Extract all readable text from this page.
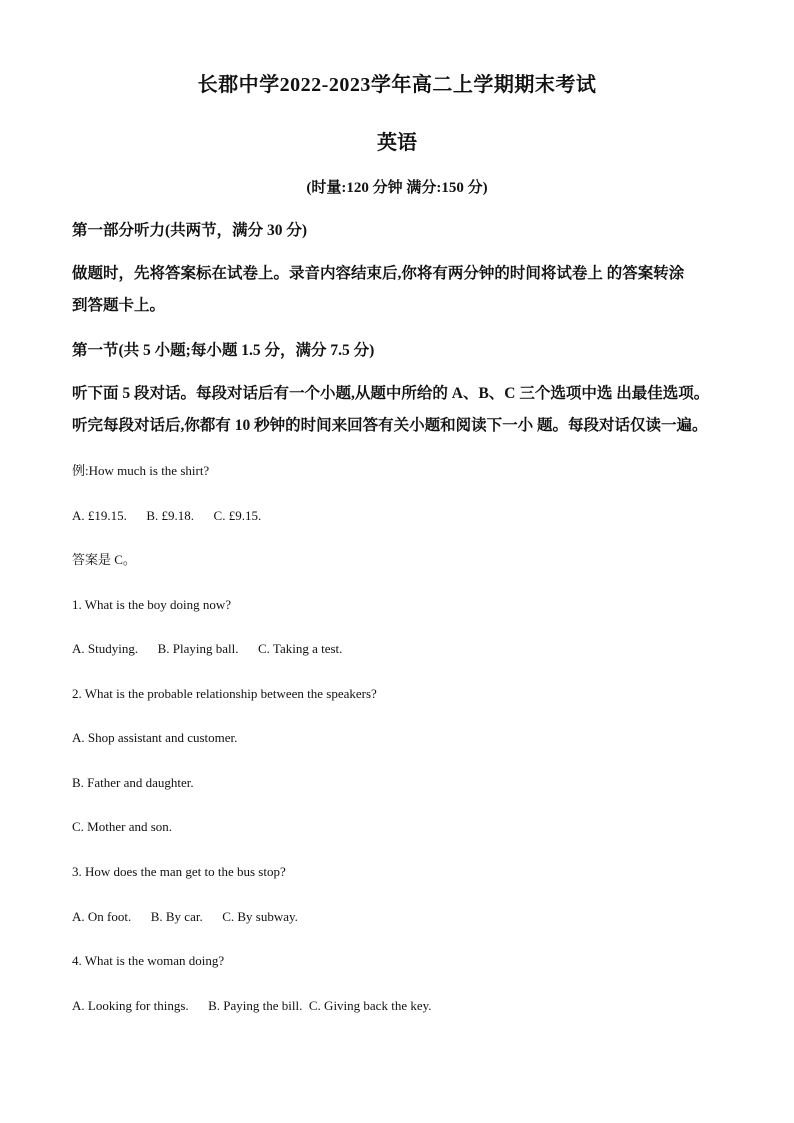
长郡中学2022-2023学年高二上学期期末考试
英语
(时量:120 分钟 满分:150 分)
第一部分听力(共两节，满分 30 分)
做题时，先将答案标在试卷上。录音内容结束后,你将有两分钟的时间将试卷上 的答案转涂
到答题卡上。
第一节(共 5 小题;每小题 1.5 分，满分 7.5 分)
听下面 5 段对话。每段对话后有一个小题,从题中所给的 A、B、C 三个选项中选 出最佳选项。
听完每段对话后,你都有 10 秒钟的时间来回答有关小题和阅读下一小 题。每段对话仅读一遍。
例:How much is the shirt?
A. £19.15.      B. £9.18.      C. £9.15.
答案是 C。
1. What is the boy doing now?
A. Studying.      B. Playing ball.      C. Taking a test.
2. What is the probable relationship between the speakers?
A. Shop assistant and customer.
B. Father and daughter.
C. Mother and son.
3. How does the man get to the bus stop?
A. On foot.      B. By car.      C. By subway.
4. What is the woman doing?
A. Looking for things.      B. Paying the bill.  C. Giving back the key.
